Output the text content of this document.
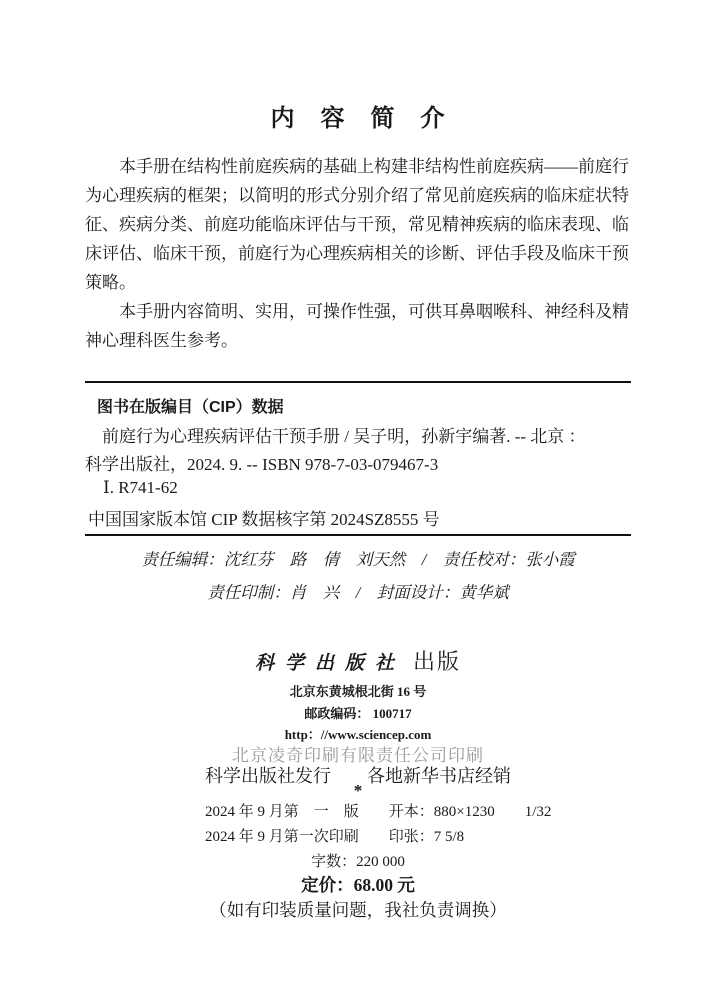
内　容　简　介
本手册在结构性前庭疾病的基础上构建非结构性前庭疾病——前庭行
为心理疾病的框架；以简明的形式分别介绍了常见前庭疾病的临床症状特
征、疾病分类、前庭功能临床评估与干预，常见精神疾病的临床表现、临
床评估、临床干预，前庭行为心理疾病相关的诊断、评估手段及临床干预
策略。
本手册内容简明、实用，可操作性强，可供耳鼻咽喉科、神经科及精
神心理科医生参考。
图书在版编目（CIP）数据
前庭行为心理疾病评估干预手册 / 吴子明，孙新宇编著. -- 北京 ：
科学出版社，2024. 9. -- ISBN 978-7-03-079467-3
Ⅰ. R741-62
中国国家版本馆 CIP 数据核字第 2024SZ8555 号
责任编辑：沈红芬　路　倩　刘天然　/　责任校对：张小霞
责任印制：肖　兴　/　封面设计：黄华斌
科学出版社 出版
北京东黄城根北街 16 号
邮政编码： 100717
http：//www.sciencep.com
北京凌奇印刷有限责任公司印刷
科学出版社发行　　各地新华书店经销
*
2024 年 9 月第　一　版　　开本：880×1230　　1/32
2024 年 9 月第一次印刷　　印张：7 5/8
字数：220 000
定价：68.00 元
（如有印装质量问题，我社负责调换）
